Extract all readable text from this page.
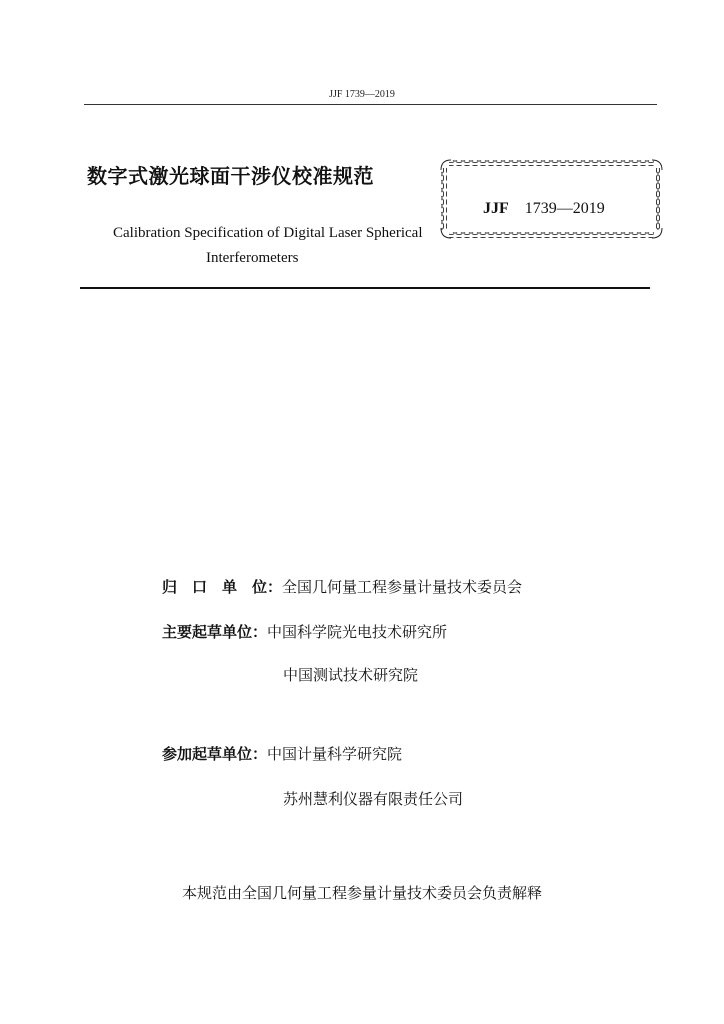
JJF 1739—2019
数字式激光球面干涉仪校准规范
Calibration Specification of Digital Laser Spherical
Interferometers
JJF 1739—2019
归　口　单　位：全国几何量工程参量计量技术委员会
主要起草单位：中国科学院光电技术研究所
中国测试技术研究院
参加起草单位：中国计量科学研究院
苏州慧利仪器有限责任公司
本规范由全国几何量工程参量计量技术委员会负责解释
